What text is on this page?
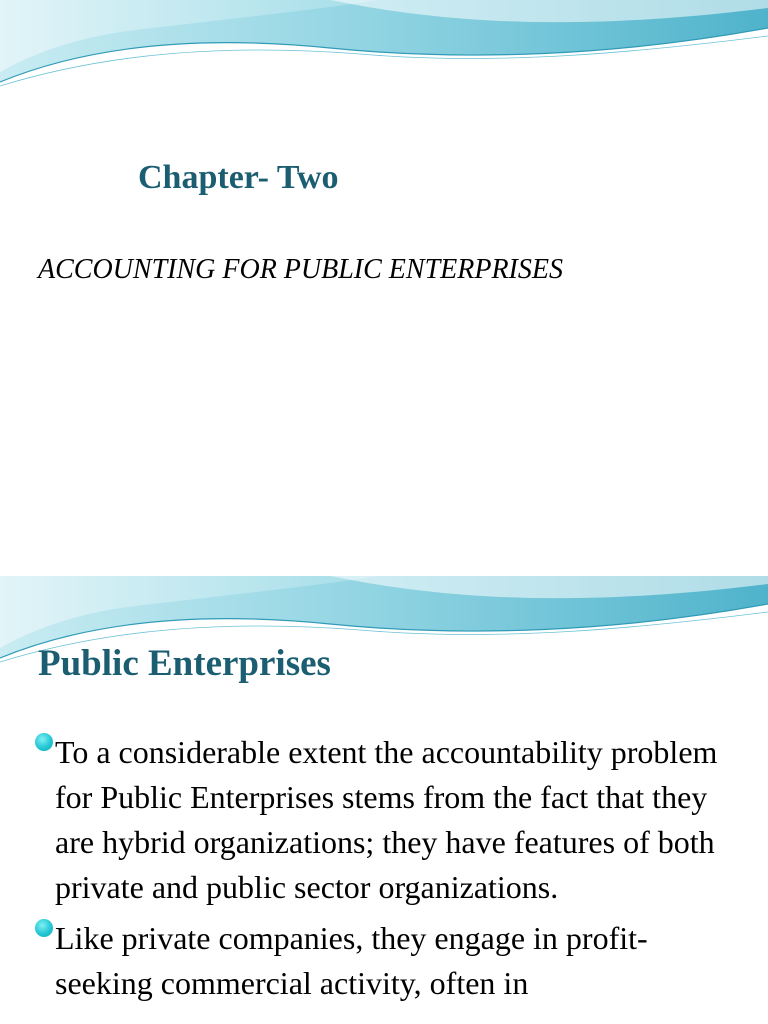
Chapter- Two

ACCOUNTING FOR PUBLIC ENTERPRISES

Public Enterprises
To a considerable extent the accountability problem for Public Enterprises stems from the fact that they are hybrid organizations; they have features of both private and public sector organizations.
Like private companies, they engage in profit-seeking commercial activity, often in
